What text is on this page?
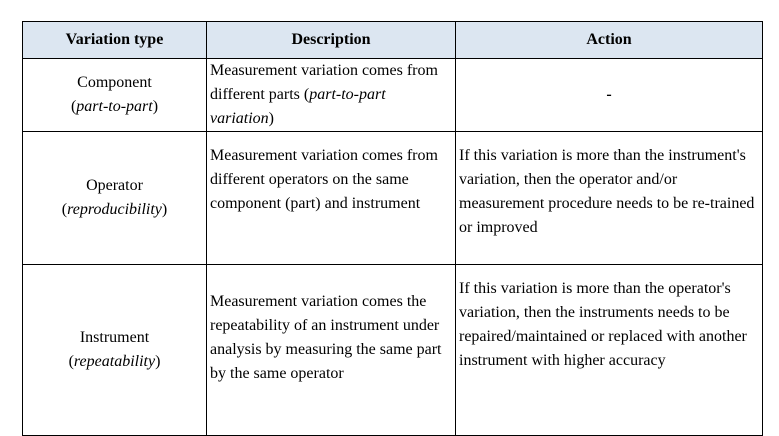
Variation type	Description	Action

Component
(part-to-part)	Measurement variation comes from different parts (part-to-part variation)	-

Operator
(reproducibility)	Measurement variation comes from different operators on the same component (part) and instrument	If this variation is more than the instrument's variation, then the operator and/or measurement procedure needs to be re-trained or improved

Instrument
(repeatability)	Measurement variation comes the repeatability of an instrument under analysis by measuring the same part by the same operator	If this variation is more than the operator's variation, then the instruments needs to be repaired/maintained or replaced with another instrument with higher accuracy
